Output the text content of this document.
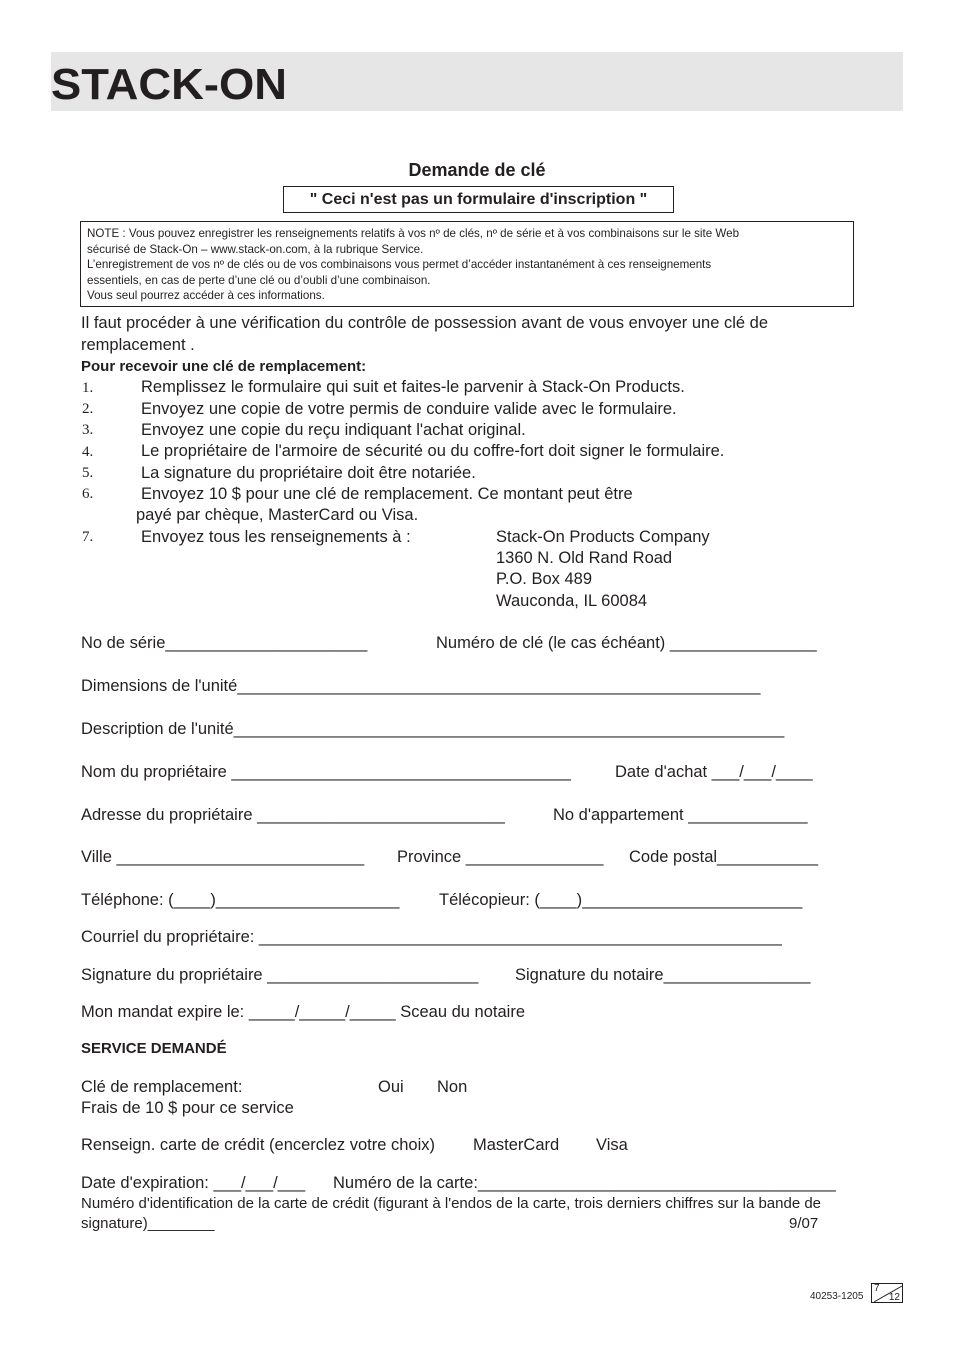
STACK-ON
Demande de clé
" Ceci n'est pas un formulaire d'inscription "
NOTE : Vous pouvez enregistrer les renseignements relatifs à vos nº de clés, nº de série et à vos combinaisons sur le site Web
sécurisé de Stack-On – www.stack-on.com, à la rubrique Service.
L’enregistrement de vos nº de clés ou de vos combinaisons vous permet d’accéder instantanément à ces renseignements
essentiels, en cas de perte d’une clé ou d’oubli d’une combinaison.
Vous seul pourrez accéder à ces informations.
Il faut procéder à une vérification du contrôle de possession avant de vous envoyer une clé de
remplacement .
Pour recevoir une clé de remplacement:
1.	Remplissez le formulaire qui suit et faites-le parvenir à Stack-On Products.
2.	Envoyez une copie de votre permis de conduire valide avec le formulaire.
3.	Envoyez une copie du reçu indiquant l'achat original.
4.	Le propriétaire de l'armoire de sécurité ou du coffre-fort doit signer le formulaire.
5.	La signature du propriétaire doit être notariée.
6.	Envoyez 10 $ pour une clé de remplacement. Ce montant peut être
payé par chèque, MasterCard ou Visa.
7.	Envoyez tous les renseignements à :	Stack-On Products Company
1360 N. Old Rand Road
P.O. Box 489
Wauconda, IL 60084
No de série______________________	Numéro de clé (le cas échéant) ________________
Dimensions de l'unité_________________________________________________________
Description de l'unité____________________________________________________________
Nom du propriétaire _____________________________________	Date d'achat ___/___/____
Adresse du propriétaire ___________________________	No d'appartement _____________
Ville ___________________________ Province _______________ Code postal___________
Téléphone: (____)____________________ Télécopieur: (____)________________________
Courriel du propriétaire: _________________________________________________________
Signature du propriétaire _______________________ Signature du notaire________________
Mon mandat expire le: _____/_____/_____ Sceau du notaire
SERVICE DEMANDÉ
Clé de remplacement:	Oui Non
Frais de 10 $ pour ce service
Renseign. carte de crédit (encerclez votre choix) MasterCard Visa
Date d'expiration: ___/___/___ Numéro de la carte:_______________________________________
Numéro d'identification de la carte de crédit (figurant à l'endos de la carte, trois derniers chiffres sur la bande de
signature)________	9/07
40253-1205
7
12
